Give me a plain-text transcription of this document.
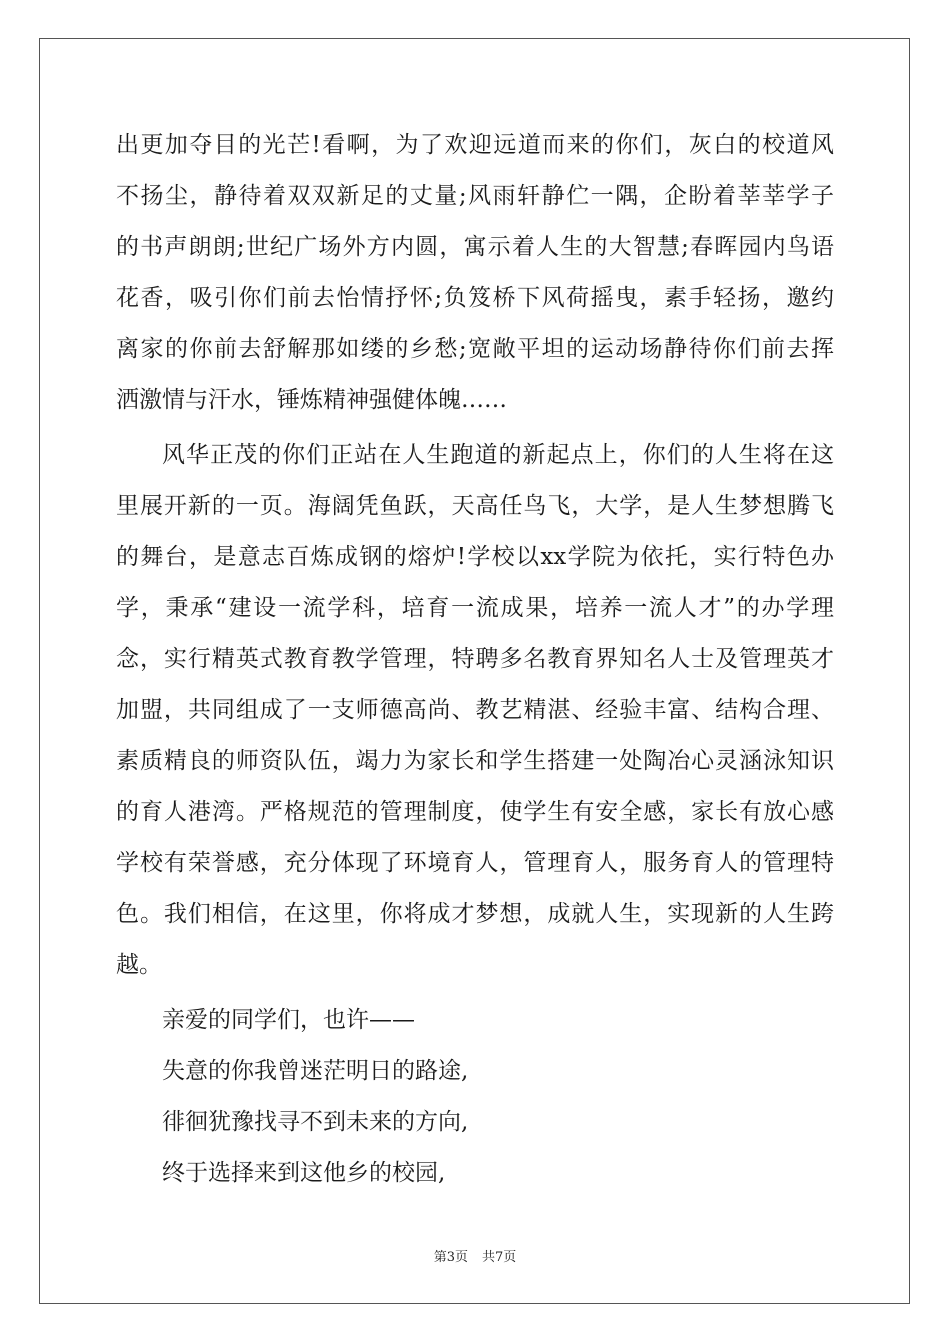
出更加夺目的光芒!看啊，为了欢迎远道而来的你们，灰白的校道风
不扬尘，静待着双双新足的丈量;风雨轩静伫一隅，企盼着莘莘学子
的书声朗朗;世纪广场外方内圆，寓示着人生的大智慧;春晖园内鸟语
花香，吸引你们前去怡情抒怀;负笈桥下风荷摇曳，素手轻扬，邀约
离家的你前去舒解那如缕的乡愁;宽敞平坦的运动场静待你们前去挥
洒激情与汗水，锤炼精神强健体魄……
风华正茂的你们正站在人生跑道的新起点上，你们的人生将在这
里展开新的一页。海阔凭鱼跃，天高任鸟飞，大学，是人生梦想腾飞
的舞台，是意志百炼成钢的熔炉!学校以xx学院为依托，实行特色办
学，秉承“建设一流学科，培育一流成果，培养一流人才”的办学理
念，实行精英式教育教学管理，特聘多名教育界知名人士及管理英才
加盟，共同组成了一支师德高尚、教艺精湛、经验丰富、结构合理、
素质精良的师资队伍，竭力为家长和学生搭建一处陶冶心灵涵泳知识
的育人港湾。严格规范的管理制度，使学生有安全感，家长有放心感
学校有荣誉感，充分体现了环境育人，管理育人，服务育人的管理特
色。我们相信，在这里，你将成才梦想，成就人生，实现新的人生跨
越。
亲爱的同学们，也许——
失意的你我曾迷茫明日的路途,
徘徊犹豫找寻不到未来的方向,
终于选择来到这他乡的校园,
第3页 共7页
